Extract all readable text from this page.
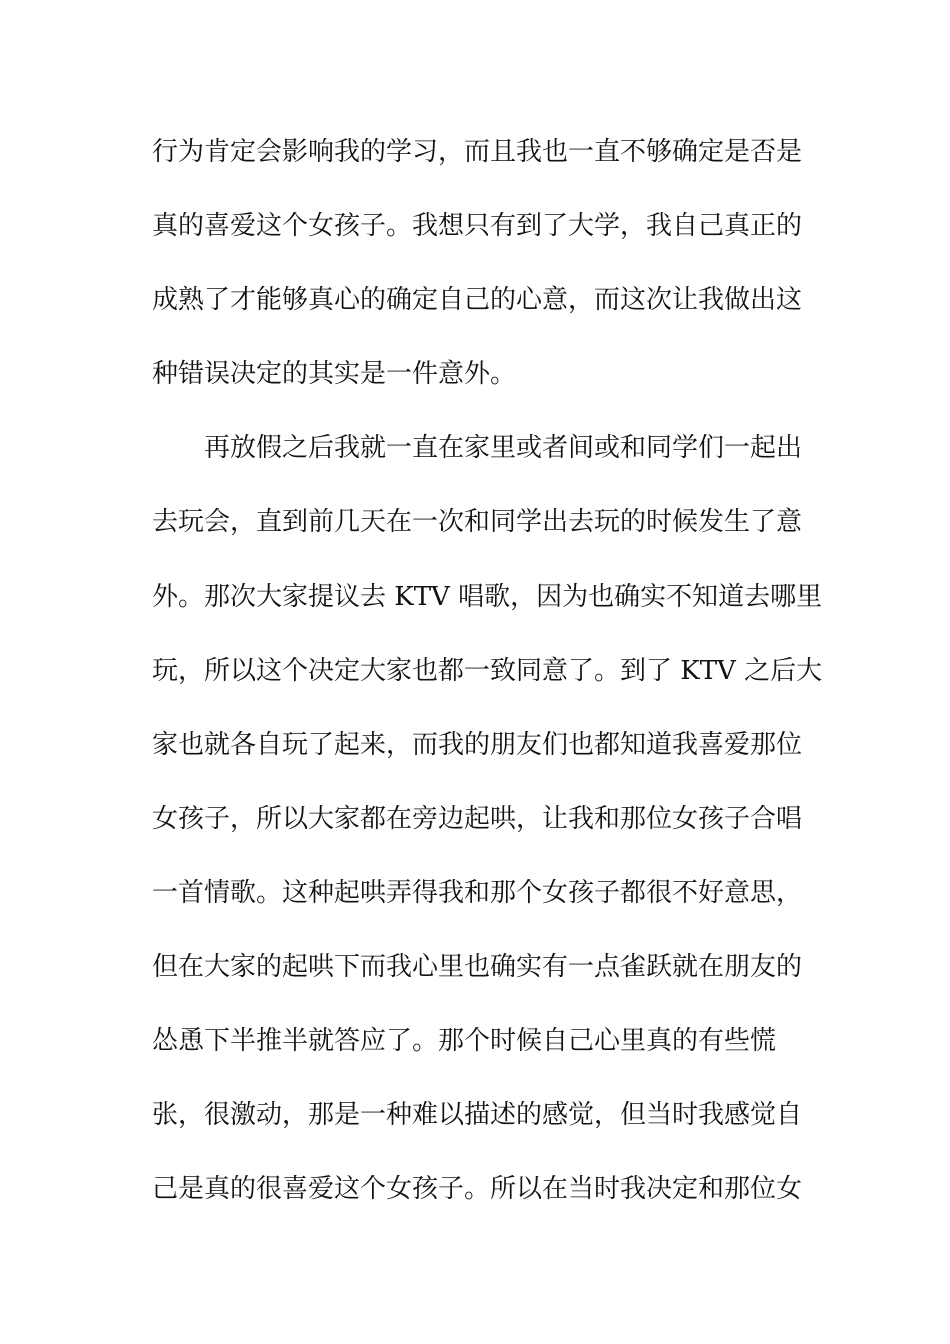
行为肯定会影响我的学习，而且我也一直不够确定是否是
真的喜爱这个女孩子。我想只有到了大学，我自己真正的
成熟了才能够真心的确定自己的心意，而这次让我做出这
种错误决定的其实是一件意外。
再放假之后我就一直在家里或者间或和同学们一起出
去玩会，直到前几天在一次和同学出去玩的时候发生了意
外。那次大家提议去 KTV 唱歌，因为也确实不知道去哪里
玩，所以这个决定大家也都一致同意了。到了 KTV 之后大
家也就各自玩了起来，而我的朋友们也都知道我喜爱那位
女孩子，所以大家都在旁边起哄，让我和那位女孩子合唱
一首情歌。这种起哄弄得我和那个女孩子都很不好意思，
但在大家的起哄下而我心里也确实有一点雀跃就在朋友的
怂恿下半推半就答应了。那个时候自己心里真的有些慌
张，很激动，那是一种难以描述的感觉，但当时我感觉自
己是真的很喜爱这个女孩子。所以在当时我决定和那位女
